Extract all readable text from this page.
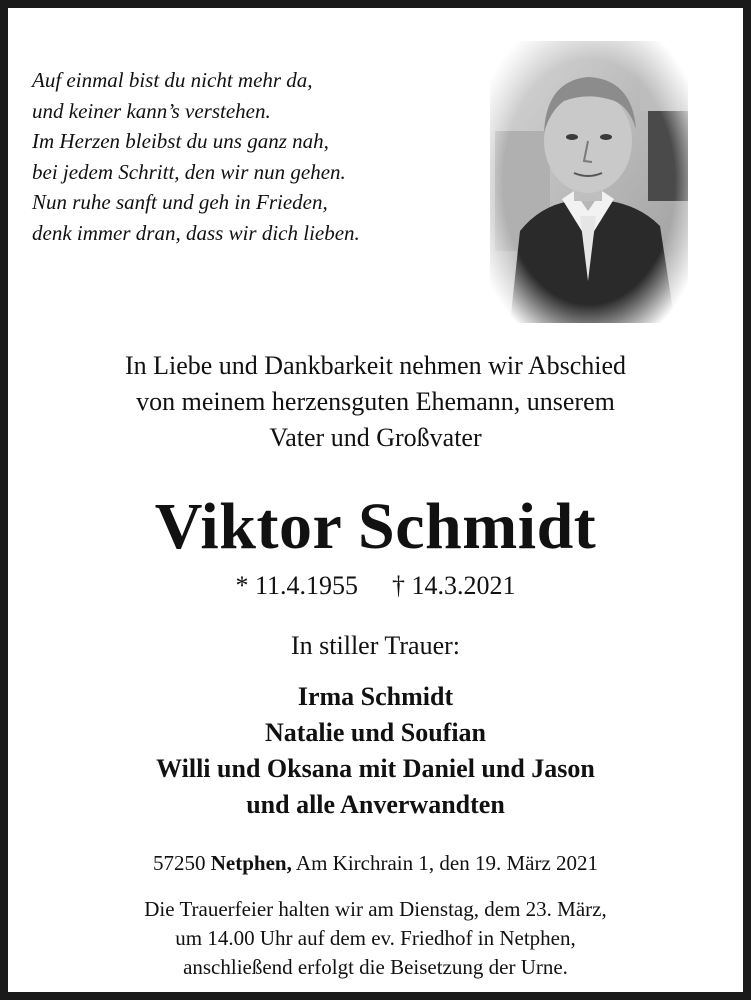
Auf einmal bist du nicht mehr da,
und keiner kann’s verstehen.
Im Herzen bleibst du uns ganz nah,
bei jedem Schritt, den wir nun gehen.
Nun ruhe sanft und geh in Frieden,
denk immer dran, dass wir dich lieben.
In Liebe und Dankbarkeit nehmen wir Abschied
von meinem herzensguten Ehemann, unserem
Vater und Großvater
Viktor Schmidt
* 11.4.1955 † 14.3.2021
In stiller Trauer:
Irma Schmidt
Natalie und Soufian
Willi und Oksana mit Daniel und Jason
und alle Anverwandten
57250 Netphen, Am Kirchrain 1, den 19. März 2021
Die Trauerfeier halten wir am Dienstag, dem 23. März,
um 14.00 Uhr auf dem ev. Friedhof in Netphen,
anschließend erfolgt die Beisetzung der Urne.
